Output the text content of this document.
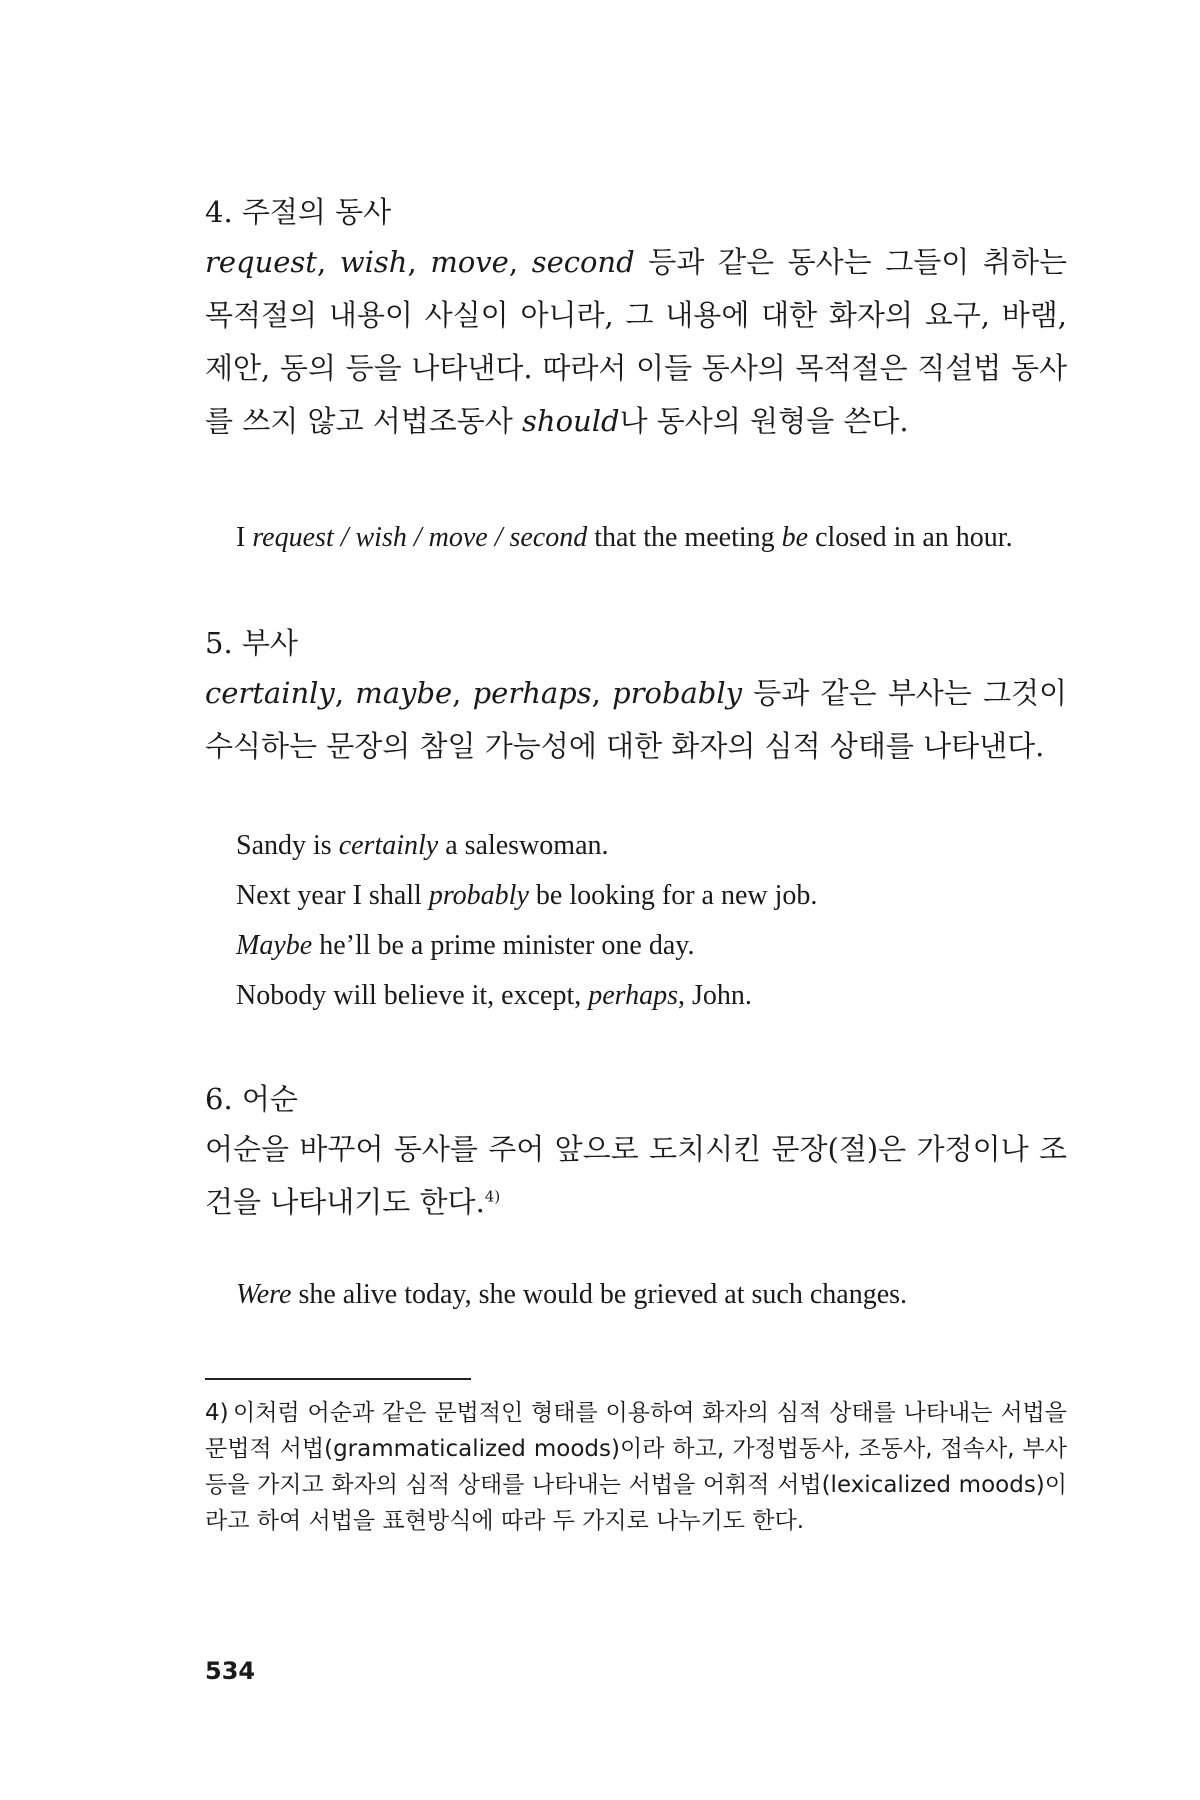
4. 주절의 동사
request, wish, move, second 등과 같은 동사는 그들이 취하는 목적절의 내용이 사실이 아니라, 그 내용에 대한 화자의 요구, 바램, 제안, 동의 등을 나타낸다. 따라서 이들 동사의 목적절은 직설법 동사를 쓰지 않고 서법조동사 should나 동사의 원형을 쓴다.
I request / wish / move / second that the meeting be closed in an hour.
5. 부사
certainly, maybe, perhaps, probably 등과 같은 부사는 그것이 수식하는 문장의 참일 가능성에 대한 화자의 심적 상태를 나타낸다.
Sandy is certainly a saleswoman.
Next year I shall probably be looking for a new job.
Maybe he’ll be a prime minister one day.
Nobody will believe it, except, perhaps, John.
6. 어순
어순을 바꾸어 동사를 주어 앞으로 도치시킨 문장(절)은 가정이나 조건을 나타내기도 한다.$^{4)}$
Were she alive today, she would be grieved at such changes.
4) 이처럼 어순과 같은 문법적인 형태를 이용하여 화자의 심적 상태를 나타내는 서법을 문법적 서법(grammaticalized moods)이라 하고, 가정법동사, 조동사, 접속사, 부사 등을 가지고 화자의 심적 상태를 나타내는 서법을 어휘적 서법(lexicalized moods)이라고 하여 서법을 표현방식에 따라 두 가지로 나누기도 한다.
534
